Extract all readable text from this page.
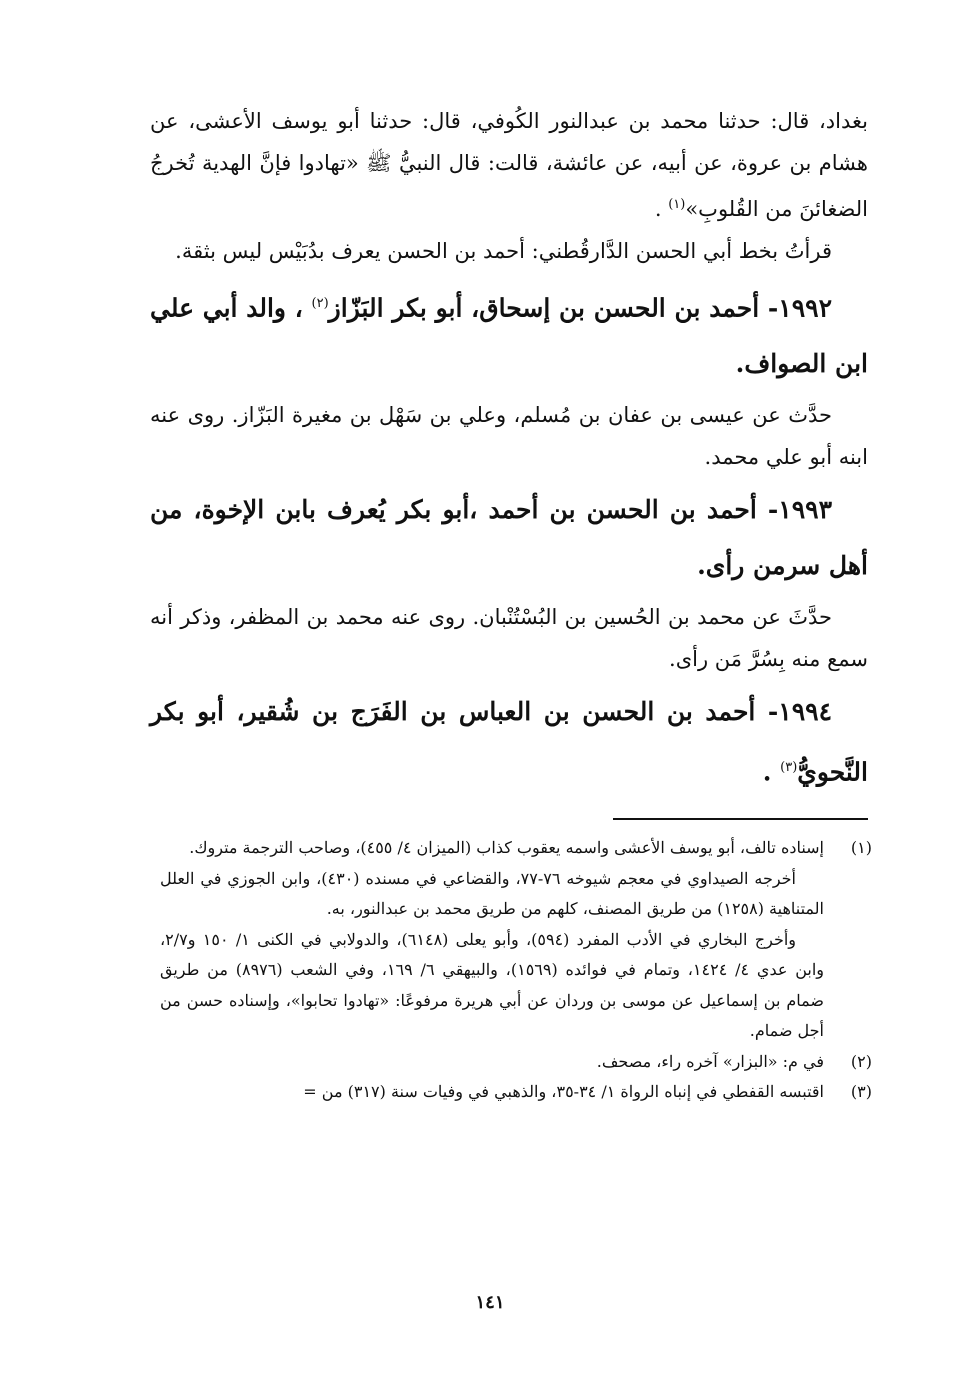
بغداد، قال: حدثنا محمد بن عبدالنور الكُوفي، قال: حدثنا أبو يوسف الأعشى، عن هشام بن عروة، عن أبيه، عن عائشة، قالت: قال النبيُّ ﷺ «تهادوا فإنَّ الهدية تُخرجُ الضغائنَ من القُلوبِ»$^{(١)}$ .

قرأتُ بخط أبي الحسن الدَّارقُطني: أحمد بن الحسن يعرف بدُبَيْس ليس بثقة.

١٩٩٢- أحمد بن الحسن بن إسحاق، أبو بكر البَزّاز$^{(٢)}$ ، والد أبي علي ابن الصواف.

حدَّث عن عيسى بن عفان بن مُسلم، وعلي بن سَهْل بن مغيرة البَزّاز. روى عنه ابنه أبو علي محمد.

١٩٩٣- أحمد بن الحسن بن أحمد ،أبو بكر يُعرف بابن الإخوة، من أهل سرمن رأى.

حدَّثَ عن محمد بن الحُسين بن البُسْتُنْبان. روى عنه محمد بن المظفر، وذكر أنه سمع منه بِسُرَّ مَن رأى.

١٩٩٤- أحمد بن الحسن بن العباس بن الفَرَج بن شُقير، أبو بكر النَّحويُّ$^{(٣)}$ .

(١)
إسناده تالف، أبو يوسف الأعشى واسمه يعقوب كذاب (الميزان ٤/ ٤٥٥)، وصاحب الترجمة متروك.

أخرجه الصيداوي في معجم شيوخه ٧٦-٧٧، والقضاعي في مسنده (٤٣٠)، وابن الجوزي في العلل المتناهية (١٢٥٨) من طريق المصنف، كلهم من طريق محمد بن عبدالنور، به.

وأخرج البخاري في الأدب المفرد (٥٩٤)، وأبو يعلى (٦١٤٨)، والدولابي في الكنى ١/ ١٥٠ و٢/٧، وابن عدي ٤/ ١٤٢٤، وتمام في فوائده (١٥٦٩)، والبيهقي ٦/ ١٦٩، وفي الشعب (٨٩٧٦) من طريق ضمام بن إسماعيل عن موسى بن وردان عن أبي هريرة مرفوعًا: «تهادوا تحابوا»، وإسناده حسن من أجل ضمام.

(٢)
في م: «البزار» آخره راء، مصحف.
(٣)
اقتبسه القفطي في إنباه الرواة ١/ ٣٤-٣٥، والذهبي في وفيات سنة (٣١٧) من =
١٤١
